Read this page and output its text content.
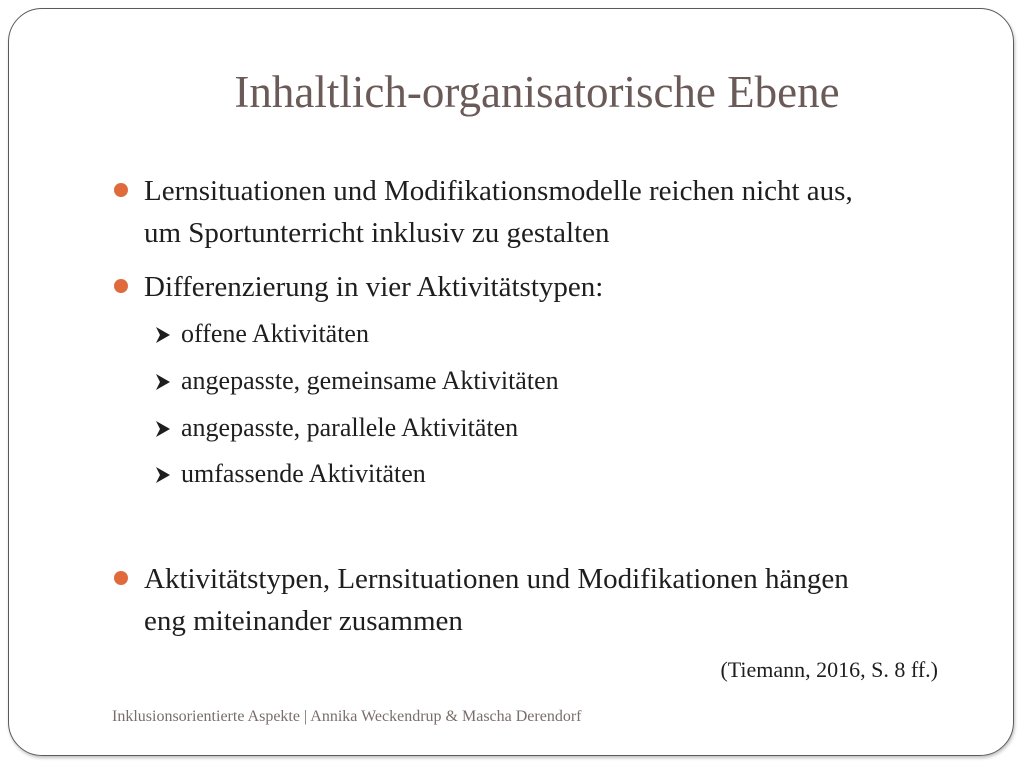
Inhaltlich-organisatorische Ebene
Lernsituationen und Modifikationsmodelle reichen nicht aus,
um Sportunterricht inklusiv zu gestalten
Differenzierung in vier Aktivitätstypen:
offene Aktivitäten
angepasste, gemeinsame Aktivitäten
angepasste, parallele Aktivitäten
umfassende Aktivitäten
Aktivitätstypen, Lernsituationen und Modifikationen hängen
eng miteinander zusammen
(Tiemann, 2016, S. 8 ff.)
Inklusionsorientierte Aspekte | Annika Weckendrup & Mascha Derendorf
